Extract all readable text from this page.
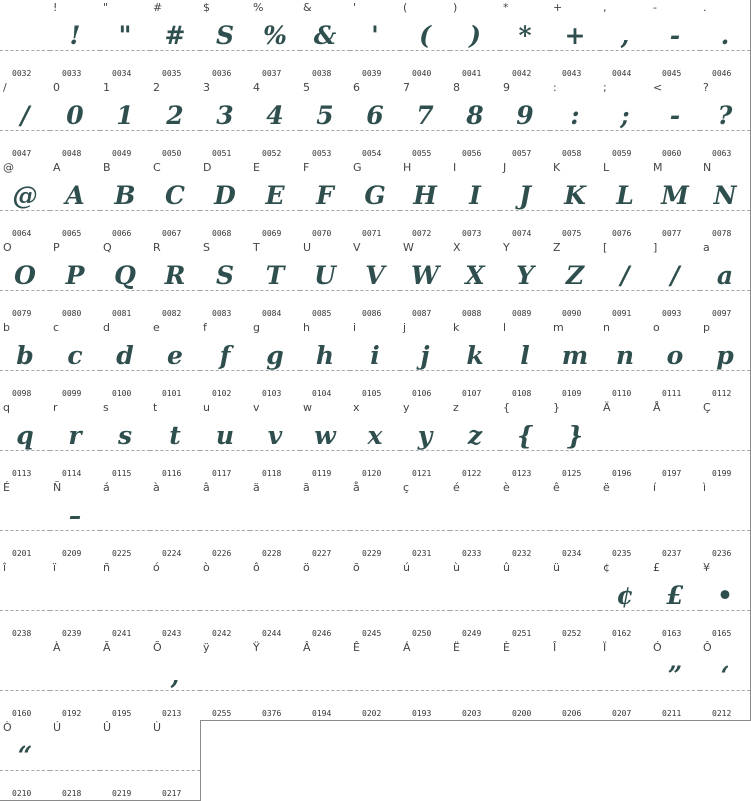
0032
!
!
0033
"
"
0034
#
#
0035
$
S
0036
%
%
0037
&
&
0038
'
'
0039
(
(
0040
)
)
0041
*
*
0042
+
+
0043
,
,
0044
-
-
0045
.
.
0046
/
/
0047
0
0
0048
1
1
0049
2
2
0050
3
3
0051
4
4
0052
5
5
0053
6
6
0054
7
7
0055
8
8
0056
9
9
0057
:
:
0058
;
;
0059
<
-
0060
?
?
0063
@
@
0064
A
A
0065
B
B
0066
C
C
0067
D
D
0068
E
E
0069
F
F
0070
G
G
0071
H
H
0072
I
I
0073
J
J
0074
K
K
0075
L
L
0076
M
M
0077
N
N
0078
O
O
0079
P
P
0080
Q
Q
0081
R
R
0082
S
S
0083
T
T
0084
U
U
0085
V
V
0086
W
W
0087
X
X
0088
Y
Y
0089
Z
Z
0090
[
/
0091
]
/
0093
a
a
0097
b
b
0098
c
c
0099
d
d
0100
e
e
0101
f
f
0102
g
g
0103
h
h
0104
i
i
0105
j
j
0106
k
k
0107
l
l
0108
m
m
0109
n
n
0110
o
o
0111
p
p
0112
q
q
0113
r
r
0114
s
s
0115
t
t
0116
u
u
0117
v
v
0118
w
w
0119
x
x
0120
y
y
0121
z
z
0122
{
{
0123
}
}
0125
Ä
0196
Å
0197
Ç
0199
É
0201
Ñ
–
0209
á
0225
à
0224
â
0226
ä
0228
ã
0227
å
0229
ç
0231
é
0233
è
0232
ê
0234
ë
0235
í
0237
ì
0236
î
0238
ï
0239
ñ
0241
ó
0243
ò
0242
ô
0244
ö
0246
õ
0245
ú
0250
ù
0249
û
0251
ü
0252
¢
¢
0162
£
£
0163
¥
•
0165
0160
À
0192
Ã
0195
Õ
,
0213
ÿ
0255
Ÿ
0376
Â
0194
Ê
0202
Á
0193
Ë
0203
È
0200
Î
0206
Ï
0207
Ó
”
0211
Ô
‘
0212
Ò
“
0210
Ú
0218
Û
0219
Ù
0217
